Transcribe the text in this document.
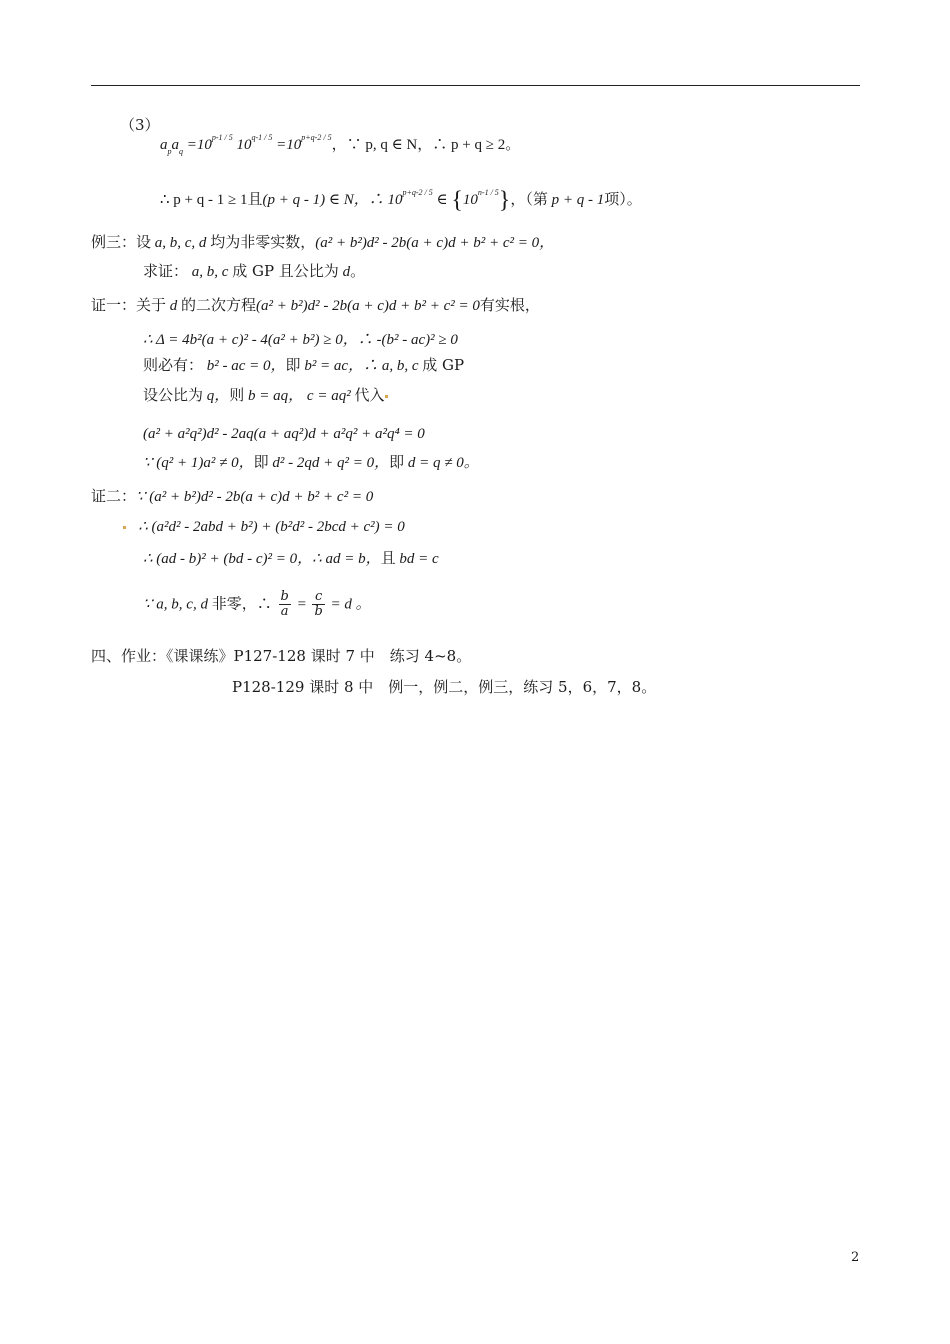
（3）
$a_pa_q =10^{p-1 / 5}$ $10^{q-1 / 5} =10^{p+q-2 / 5}$，∵ p, q ∈ N，∴ p + q ≥ 2。
∴ p + q - 1 ≥ 1且(p + q - 1) ∈ N，∴ $10^{p+q-2 / 5}$ ∈ $\{10^{n-1 / 5}\}$，（第 p + q - 1项）。
例三：设 a, b, c, d 均为非零实数，(a² + b²)d² - 2b(a + c)d + b² + c² = 0，
求证： a, b, c 成 GP 且公比为 d。
证一：关于 d 的二次方程(a² + b²)d² - 2b(a + c)d + b² + c² = 0有实根，
∴ Δ = 4b²(a + c)² - 4(a² + b²) ≥ 0，∴ -(b² - ac)² ≥ 0
则必有： b² - ac = 0，即 b² = ac，∴ a, b, c 成 GP
设公比为 q，则 b = aq， c = aq² 代入
(a² + a²q²)d² - 2aq(a + aq²)d + a²q² + a²q⁴ = 0
∵ (q² + 1)a² ≠ 0，即 d² - 2qd + q² = 0，即 d = q ≠ 0。
证二：∵ (a² + b²)d² - 2b(a + c)d + b² + c² = 0
∴ (a²d² - 2abd + b²) + (b²d² - 2bcd + c²) = 0
∴ (ad - b)² + (bd - c)² = 0，∴ ad = b，且 bd = c
∵ a, b, c, d 非零，∴ $\frac{b}{a} = \frac{c}{b} = d$ 。
四、作业：《课课练》P127-128 课时 7 中　练习 4~8。
P128-129 课时 8 中　例一，例二，例三，练习 5，6，7，8。
2
